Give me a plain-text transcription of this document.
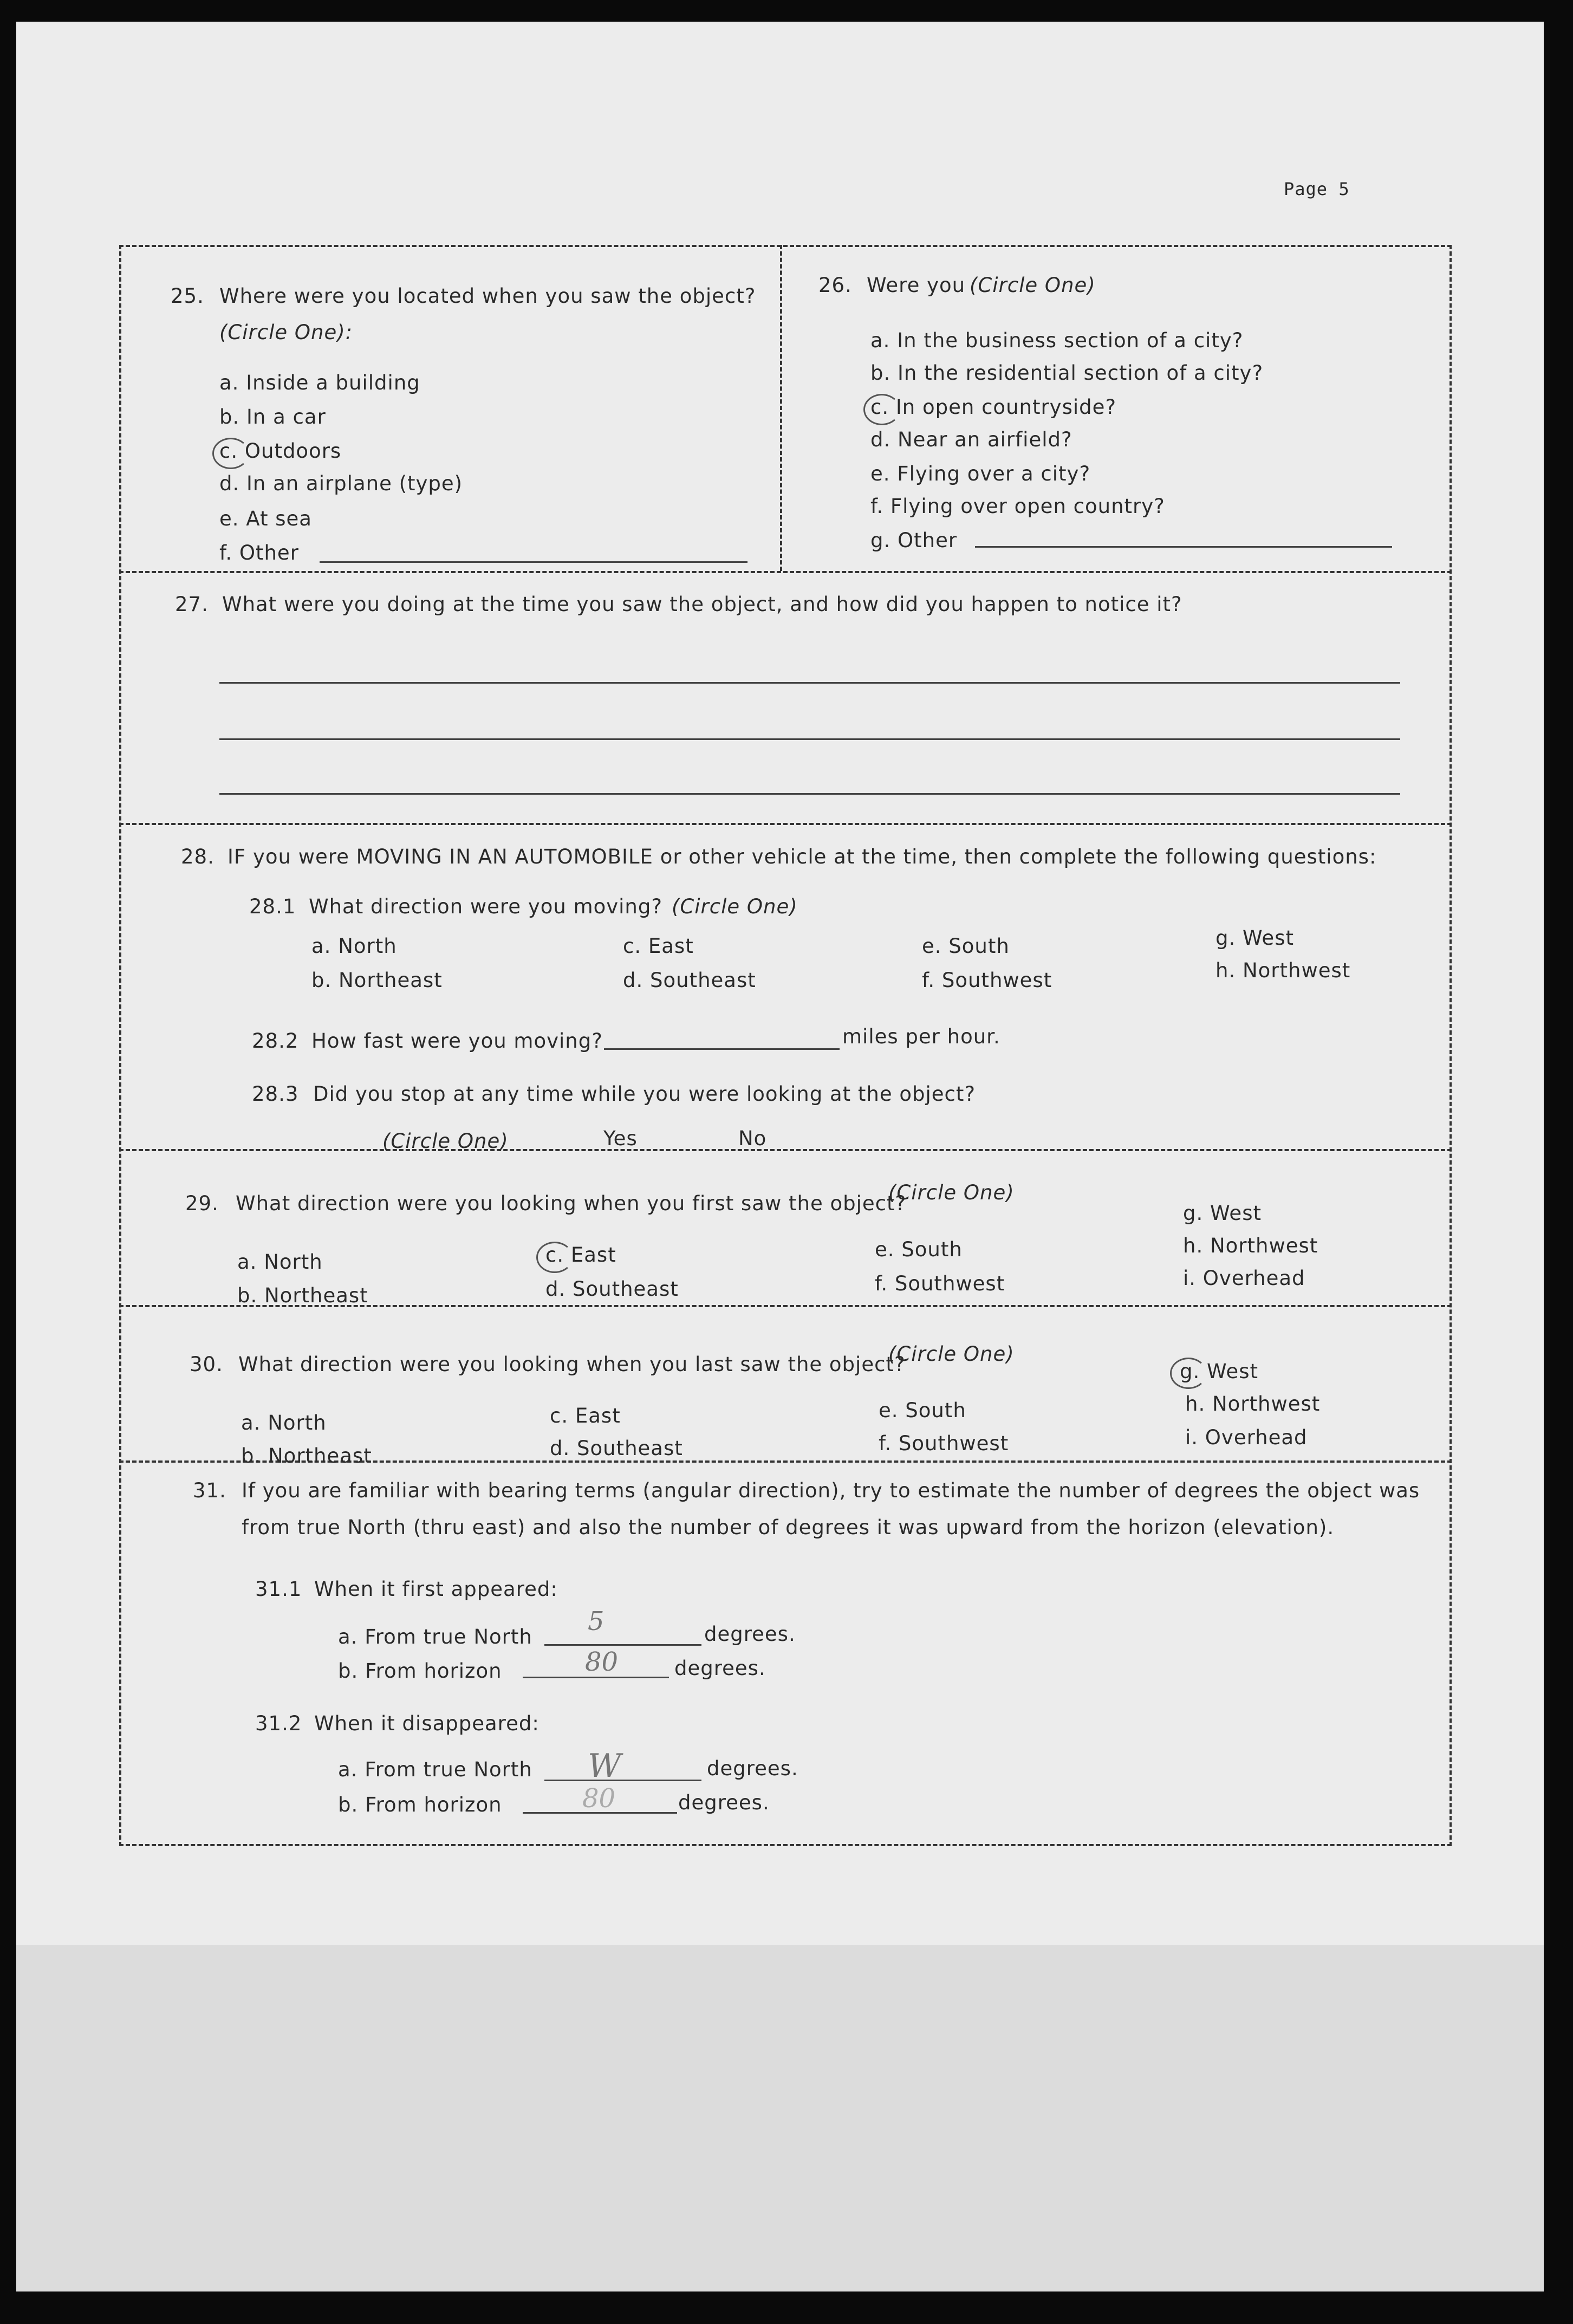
Page 5
25. Where were you located when you saw the object?
(Circle One):
a. Inside a building
b. In a car
c. Outdoors
d. In an airplane (type)
e. At sea
f. Other
26. Were you (Circle One)
a. In the business section of a city?
b. In the residential section of a city?
c. In open countryside?
d. Near an airfield?
e. Flying over a city?
f. Flying over open country?
g. Other
27. What were you doing at the time you saw the object, and how did you happen to notice it?
28. IF you were MOVING IN AN AUTOMOBILE or other vehicle at the time, then complete the following questions:
28.1 What direction were you moving? (Circle One)
a. North
b. Northeast
c. East
d. Southeast
e. South
f. Southwest
g. West
h. Northwest
28.2 How fast were you moving?	miles per hour.
28.3 Did you stop at any time while you were looking at the object?
(Circle One)	Yes	No
29. What direction were you looking when you first saw the object?
(Circle One)
a. North
b. Northeast
c. East
d. Southeast
e. South
f. Southwest
g. West
h. Northwest
i. Overhead
30. What direction were you looking when you last saw the object?
(Circle One)
a. North
b. Northeast
c. East
d. Southeast
e. South
f. Southwest
g. West
h. Northwest
i. Overhead
31. If you are familiar with bearing terms (angular direction), try to estimate the number of degrees the object was
from true North (thru east) and also the number of degrees it was upward from the horizon (elevation).
31.1 When it first appeared:
a. From true North
5	degrees.
b. From horizon	80	degrees.
31.2 When it disappeared:
a. From true North W	degrees.
b. From horizon	80	degrees.
